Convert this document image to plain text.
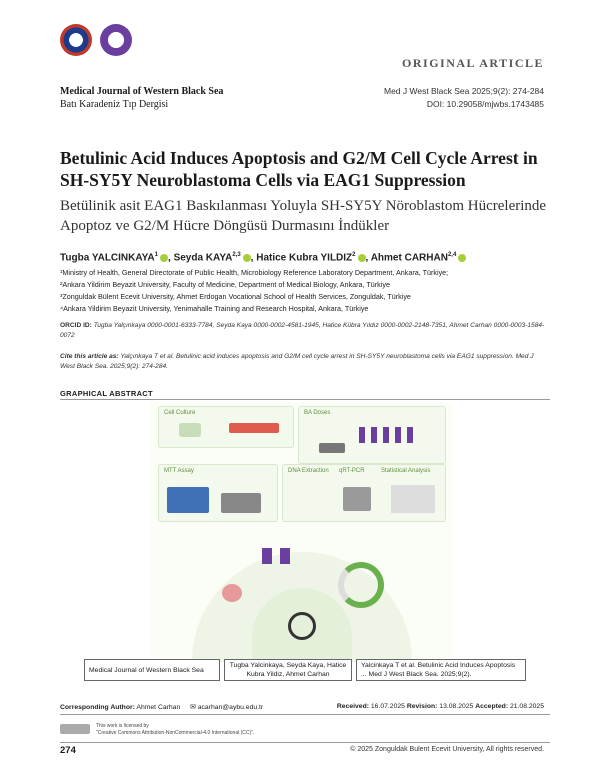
ORIGINAL ARTICLE
Medical Journal of Western Black Sea
Batı Karadeniz Tıp Dergisi
Med J West Black Sea 2025;9(2): 274-284
DOI: 10.29058/mjwbs.1743485
Betulinic Acid Induces Apoptosis and G2/M Cell Cycle Arrest in SH-SY5Y Neuroblastoma Cells via EAG1 Suppression
Betülinik asit EAG1 Baskılanması Yoluyla SH-SY5Y Nöroblastom Hücrelerinde Apoptoz ve G2/M Hücre Döngüsü Durmasını İndükler
Tugba YALCINKAYA$^1$ , Seyda KAYA$^{2,3}$ , Hatice Kubra YILDIZ$^2$ , Ahmet CARHAN$^{2,4}$
¹Ministry of Health, General Directorate of Public Health, Microbiology Reference Laboratory Department, Ankara, Türkiye;
²Ankara Yildirim Beyazit University, Faculty of Medicine, Department of Medical Biology, Ankara, Türkiye
³Zonguldak Bülent Ecevit University, Ahmet Erdogan Vocational School of Health Services, Zonguldak, Türkiye
⁴Ankara Yildirim Beyazit University, Yenimahalle Training and Research Hospital, Ankara, Türkiye
ORCID ID: Tugba Yalçınkaya 0000-0001-6333-7784, Seyda Kaya 0000-0002-4581-1945, Hatice Kübra Yıldız 0000-0002-2148-7351, Ahmet Carhan 0000-0003-1584-0072
Cite this article as: Yalçınkaya T et al. Betulinic acid induces apoptosis and G2/M cell cycle arrest in SH-SY5Y neuroblastoma cells via EAG1 suppression. Med J West Black Sea. 2025;9(2): 274-284.
GRAPHICAL ABSTRACT
Cell Culture	BA Doses
MTT Assay	DNA Extraction qRT-PCR	Statistical Analysis
Medical Journal of Western Black Sea
Tugba Yalcinkaya, Seyda Kaya, Hatice Kubra Yildiz, Ahmet Carhan
Yalcinkaya T et al. Betulinic Acid Induces Apoptosis ... Med J West Black Sea. 2025;9(2).
Corresponding Author: Ahmet Carhan ✉ acarhan@aybu.edu.tr	Received: 16.07.2025 Revision: 13.08.2025 Accepted: 21.08.2025
This work is licensed by
"Creative Commons Attribution-NonCommercial-4.0 International (CC)".
274	© 2025 Zonguldak Bulent Ecevit University, All rights reserved.
